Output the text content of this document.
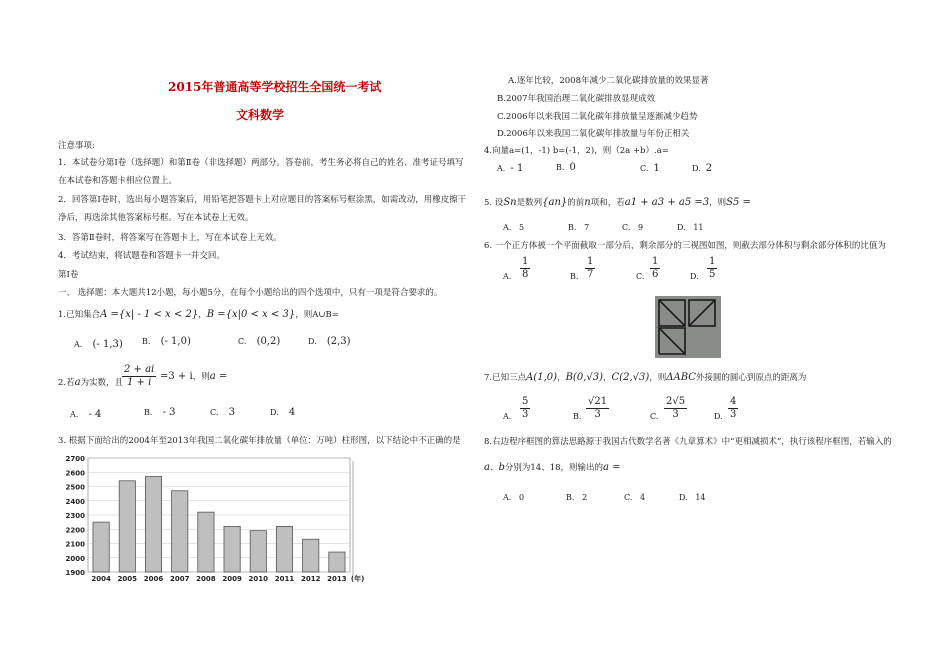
2015年普通高等学校招生全国统一考试
文科数学
注意事项:
1．本试卷分第Ⅰ卷（选择题）和第Ⅱ卷（非选择题）两部分。答卷前，考生务必将自己的姓名、准考证号填写
在本试卷和答题卡相应位置上。
2．回答第Ⅰ卷时，选出每小题答案后，用铅笔把答题卡上对应题目的答案标号框涂黑，如需改动，用橡皮擦干
净后，再选涂其他答案标号框。写在本试卷上无效。
3．答第Ⅱ卷时，将答案写在答题卡上，写在本试卷上无效。
4．考试结束，将试题卷和答题卡一并交回。
第Ⅰ卷
一、 选择题：本大题共12小题，每小题5分，在每个小题给出的四个选项中，只有一项是符合要求的。
1.已知集合A ={x| - 1 < x < 2}，B ={x|0 < x < 3}，则A∪B=
A. (- 1,3) B. (- 1,0)	C. (0,2)	D. (2,3)
2.若a为实数，且
$\frac{2 + ai}{1 + i} =3 + i$，则a =
A. - 4	B. - 3	C. 3	D. 4
3. 根据下面给出的2004年至2013年我国二氧化碳年排放量（单位：万吨）柱形图，以下结论中不正确的是
1900
2000
2100
2200
2300
2400
2500
2600
2700
2004 2005 2006 2007 2008 2009 2010 2011 2012 2013 (年)
A.逐年比较，2008年减少二氧化碳排放量的效果显著
B.2007年我国治理二氧化碳排放显现成效
C.2006年以来我国二氧化碳年排放量呈逐渐减少趋势
D.2006年以来我国二氧化碳年排放量与年份正相关
4.向量a=(1，-1) b=(-1，2)，则（2a +b）.a=
A. - 1	B. 0	C. 1	D. 2
5. 设Sn是数列{an}的前n项和，若a1 + a3 + a5 =3，则S5 =
A. 5	B. 7	C. 9	D. 11
6. 一个正方体被一个平面截取一部分后，剩余部分的三视图如图，则截去部分体积与剩余部分体积的比值为
A. $\frac{1}{8}$	B. $\frac{1}{7}$	C. $\frac{1}{6}$	D. $\frac{1}{5}$
7.已知三点A(1,0)，B(0,√3)，C(2,√3)，则ΔABC外接圆的圆心到原点的距离为
A. $\frac{5}{3}$	B. $\frac{√21}{3}$	C. $\frac{2√5}{3}$	D. $\frac{4}{3}$
8.右边程序框图的算法思路源于我国古代数学名著《九章算术》中“更相减损术”，执行该程序框图，若输入的
a、b分别为14、18，则输出的a =
A. 0	B. 2	C. 4	D. 14
